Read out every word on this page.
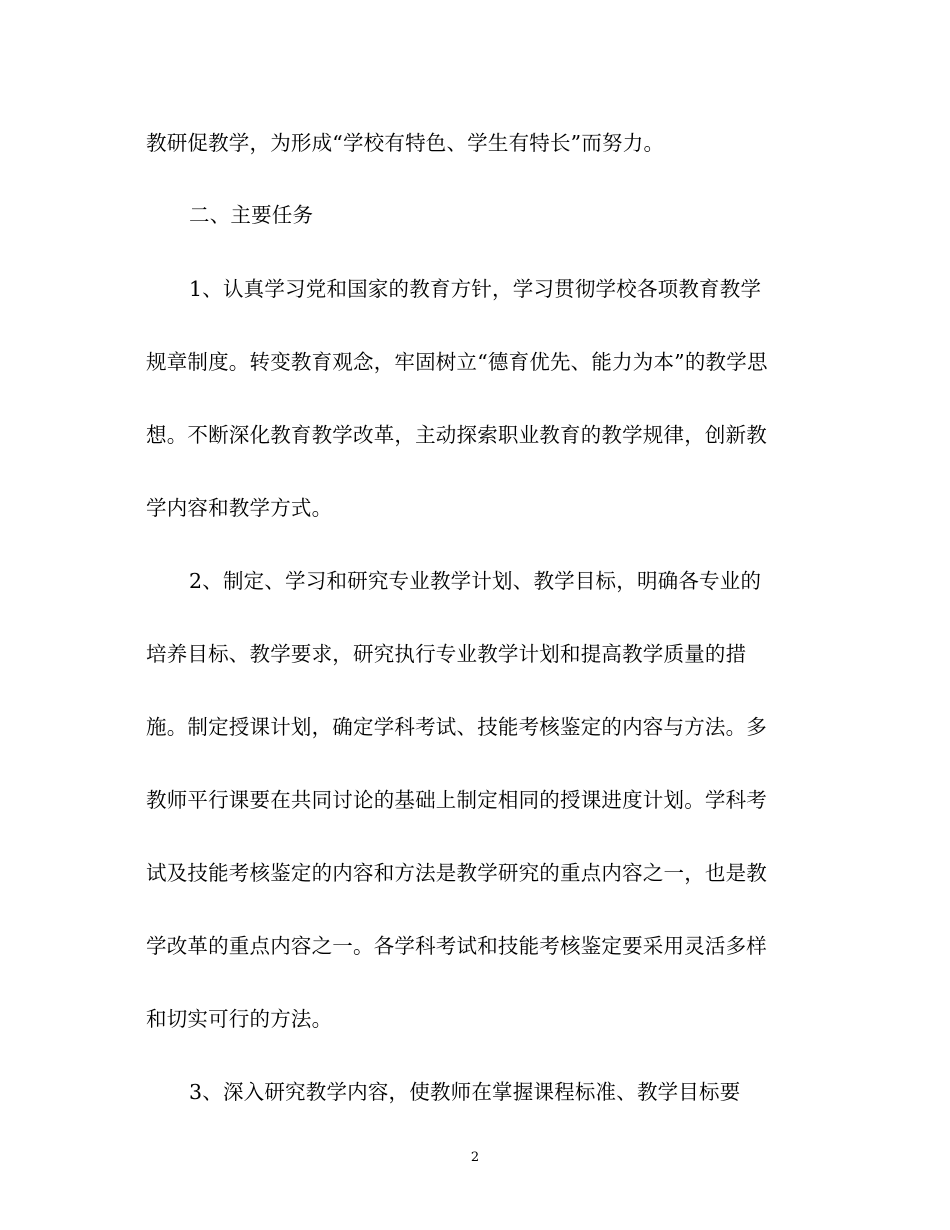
教研促教学，为形成“学校有特色、学生有特长”而努力。
二、主要任务
1、认真学习党和国家的教育方针，学习贯彻学校各项教育教学
规章制度。转变教育观念，牢固树立“德育优先、能力为本”的教学思
想。不断深化教育教学改革，主动探索职业教育的教学规律，创新教
学内容和教学方式。
2、制定、学习和研究专业教学计划、教学目标，明确各专业的
培养目标、教学要求，研究执行专业教学计划和提高教学质量的措
施。制定授课计划，确定学科考试、技能考核鉴定的内容与方法。多
教师平行课要在共同讨论的基础上制定相同的授课进度计划。学科考
试及技能考核鉴定的内容和方法是教学研究的重点内容之一，也是教
学改革的重点内容之一。各学科考试和技能考核鉴定要采用灵活多样
和切实可行的方法。
3、深入研究教学内容，使教师在掌握课程标准、教学目标要
2
